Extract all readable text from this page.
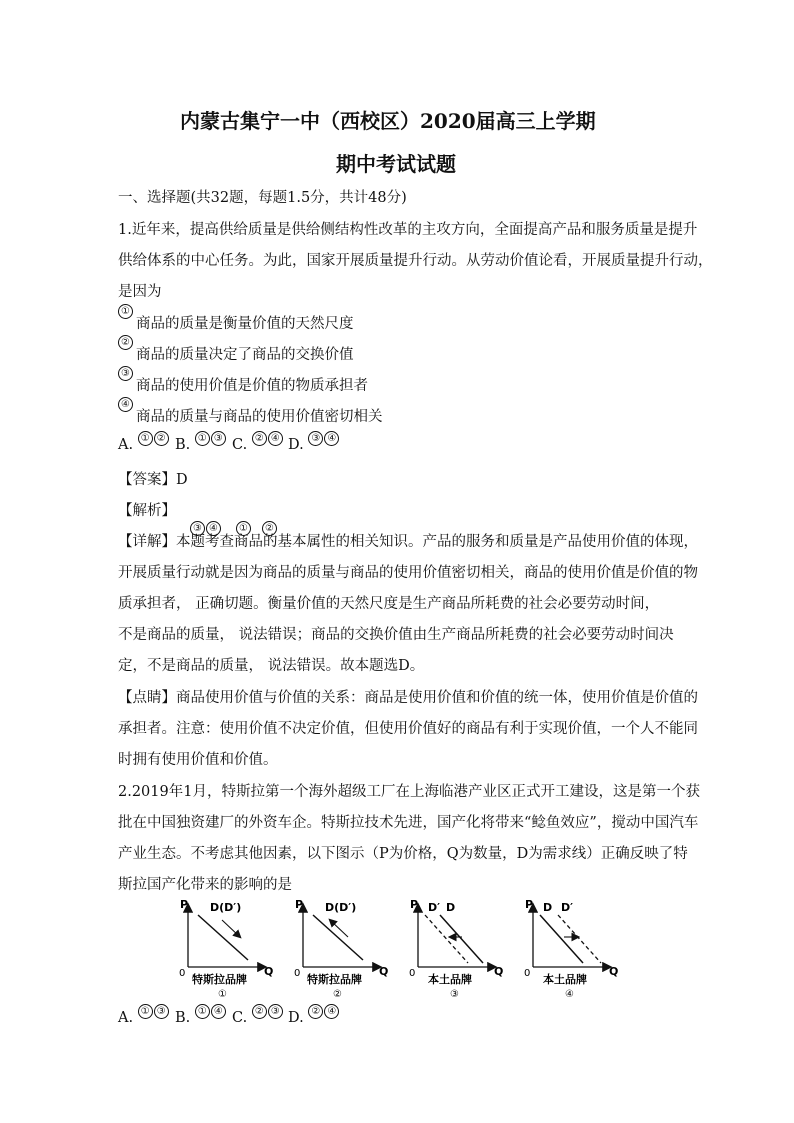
内蒙古集宁一中（西校区）2020届高三上学期
期中考试试题
一、选择题(共32题，每题1.5分，共计48分)
1.近年来，提高供给质量是供给侧结构性改革的主攻方向，全面提高产品和服务质量是提升
供给体系的中心任务。为此，国家开展质量提升行动。从劳动价值论看，开展质量提升行动，
是因为
①
商品的质量是衡量价值的天然尺度
②
商品的质量决定了商品的交换价值
③
商品的使用价值是价值的物质承担者
④
商品的质量与商品的使用价值密切相关
A. ① ② B. ① ③ C. ② ④ D. ③ ④
【答案】D
【解析】
③ ④	①	②
【详解】本题考查商品的基本属性的相关知识。产品的服务和质量是产品使用价值的体现，
开展质量行动就是因为商品的质量与商品的使用价值密切相关，商品的使用价值是价值的物
质承担者， 正确切题。衡量价值的天然尺度是生产商品所耗费的社会必要劳动时间，
不是商品的质量， 说法错误；商品的交换价值由生产商品所耗费的社会必要劳动时间决
定，不是商品的质量， 说法错误。故本题选D。
【点睛】商品使用价值与价值的关系：商品是使用价值和价值的统一体，使用价值是价值的
承担者。注意：使用价值不决定价值，但使用价值好的商品有利于实现价值，一个人不能同
时拥有使用价值和价值。
2.2019年1月，特斯拉第一个海外超级工厂在上海临港产业区正式开工建设，这是第一个获
批在中国独资建厂的外资车企。特斯拉技术先进，国产化将带来“鲶鱼效应”，搅动中国汽车
产业生态。不考虑其他因素，以下图示（P为价格，Q为数量，D为需求线）正确反映了特
斯拉国产化带来的影响的是
P
Q
0
D(D′)
特斯拉品牌
①
P
Q
0
D(D′)
特斯拉品牌
②
P
Q
0
D′ D
本土品牌
③
P
Q
0
D D′
本土品牌
④
A. ① ③ B. ① ④ C. ② ③ D. ② ④
